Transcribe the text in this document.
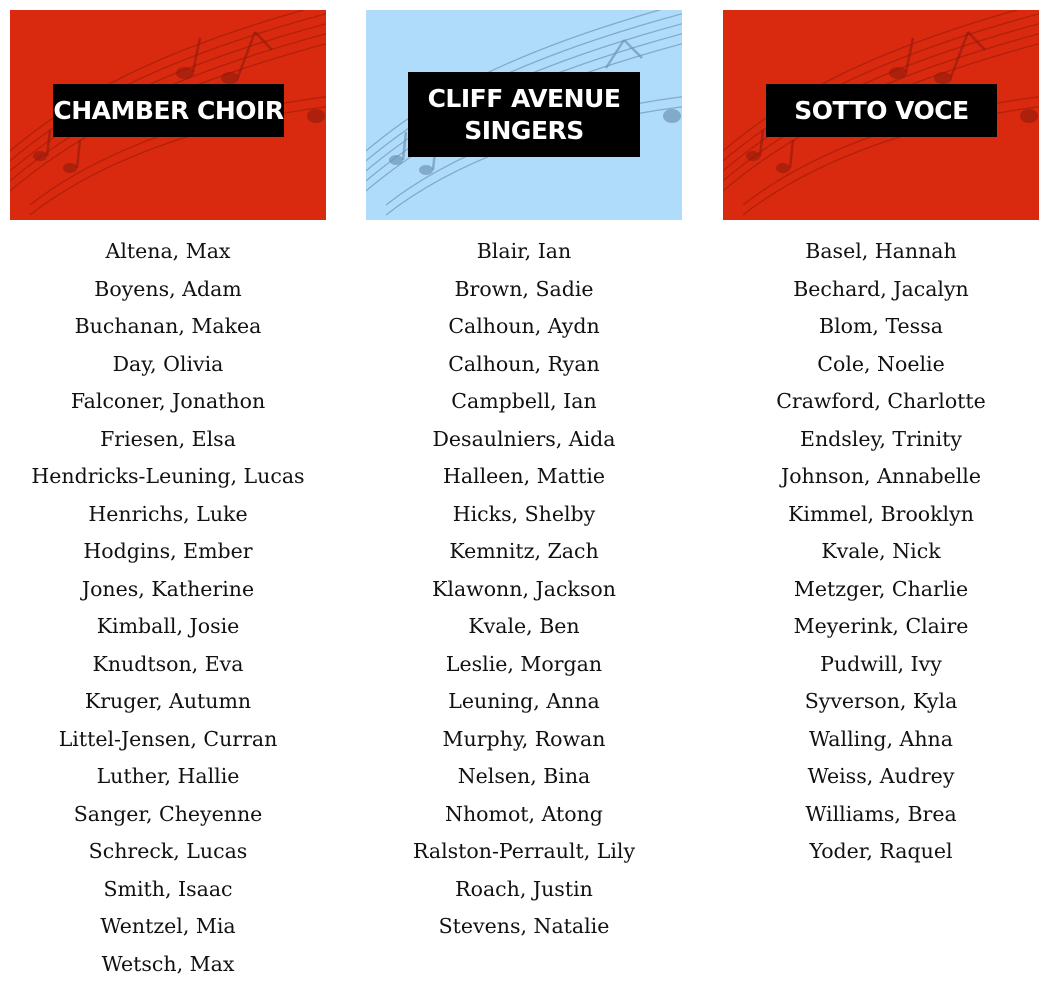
CHAMBER CHOIR
Altena, Max
Boyens, Adam
Buchanan, Makea
Day, Olivia
Falconer, Jonathon
Friesen, Elsa
Hendricks-Leuning, Lucas
Henrichs, Luke
Hodgins, Ember
Jones, Katherine
Kimball, Josie
Knudtson, Eva
Kruger, Autumn
Littel-Jensen, Curran
Luther, Hallie
Sanger, Cheyenne
Schreck, Lucas
Smith, Isaac
Wentzel, Mia
Wetsch, Max
CLIFF AVENUE SINGERS
Blair, Ian
Brown, Sadie
Calhoun, Aydn
Calhoun, Ryan
Campbell, Ian
Desaulniers, Aida
Halleen, Mattie
Hicks, Shelby
Kemnitz, Zach
Klawonn, Jackson
Kvale, Ben
Leslie, Morgan
Leuning, Anna
Murphy, Rowan
Nelsen, Bina
Nhomot, Atong
Ralston-Perrault, Lily
Roach, Justin
Stevens, Natalie
SOTTO VOCE
Basel, Hannah
Bechard, Jacalyn
Blom, Tessa
Cole, Noelie
Crawford, Charlotte
Endsley, Trinity
Johnson, Annabelle
Kimmel, Brooklyn
Kvale, Nick
Metzger, Charlie
Meyerink, Claire
Pudwill, Ivy
Syverson, Kyla
Walling, Ahna
Weiss, Audrey
Williams, Brea
Yoder, Raquel
